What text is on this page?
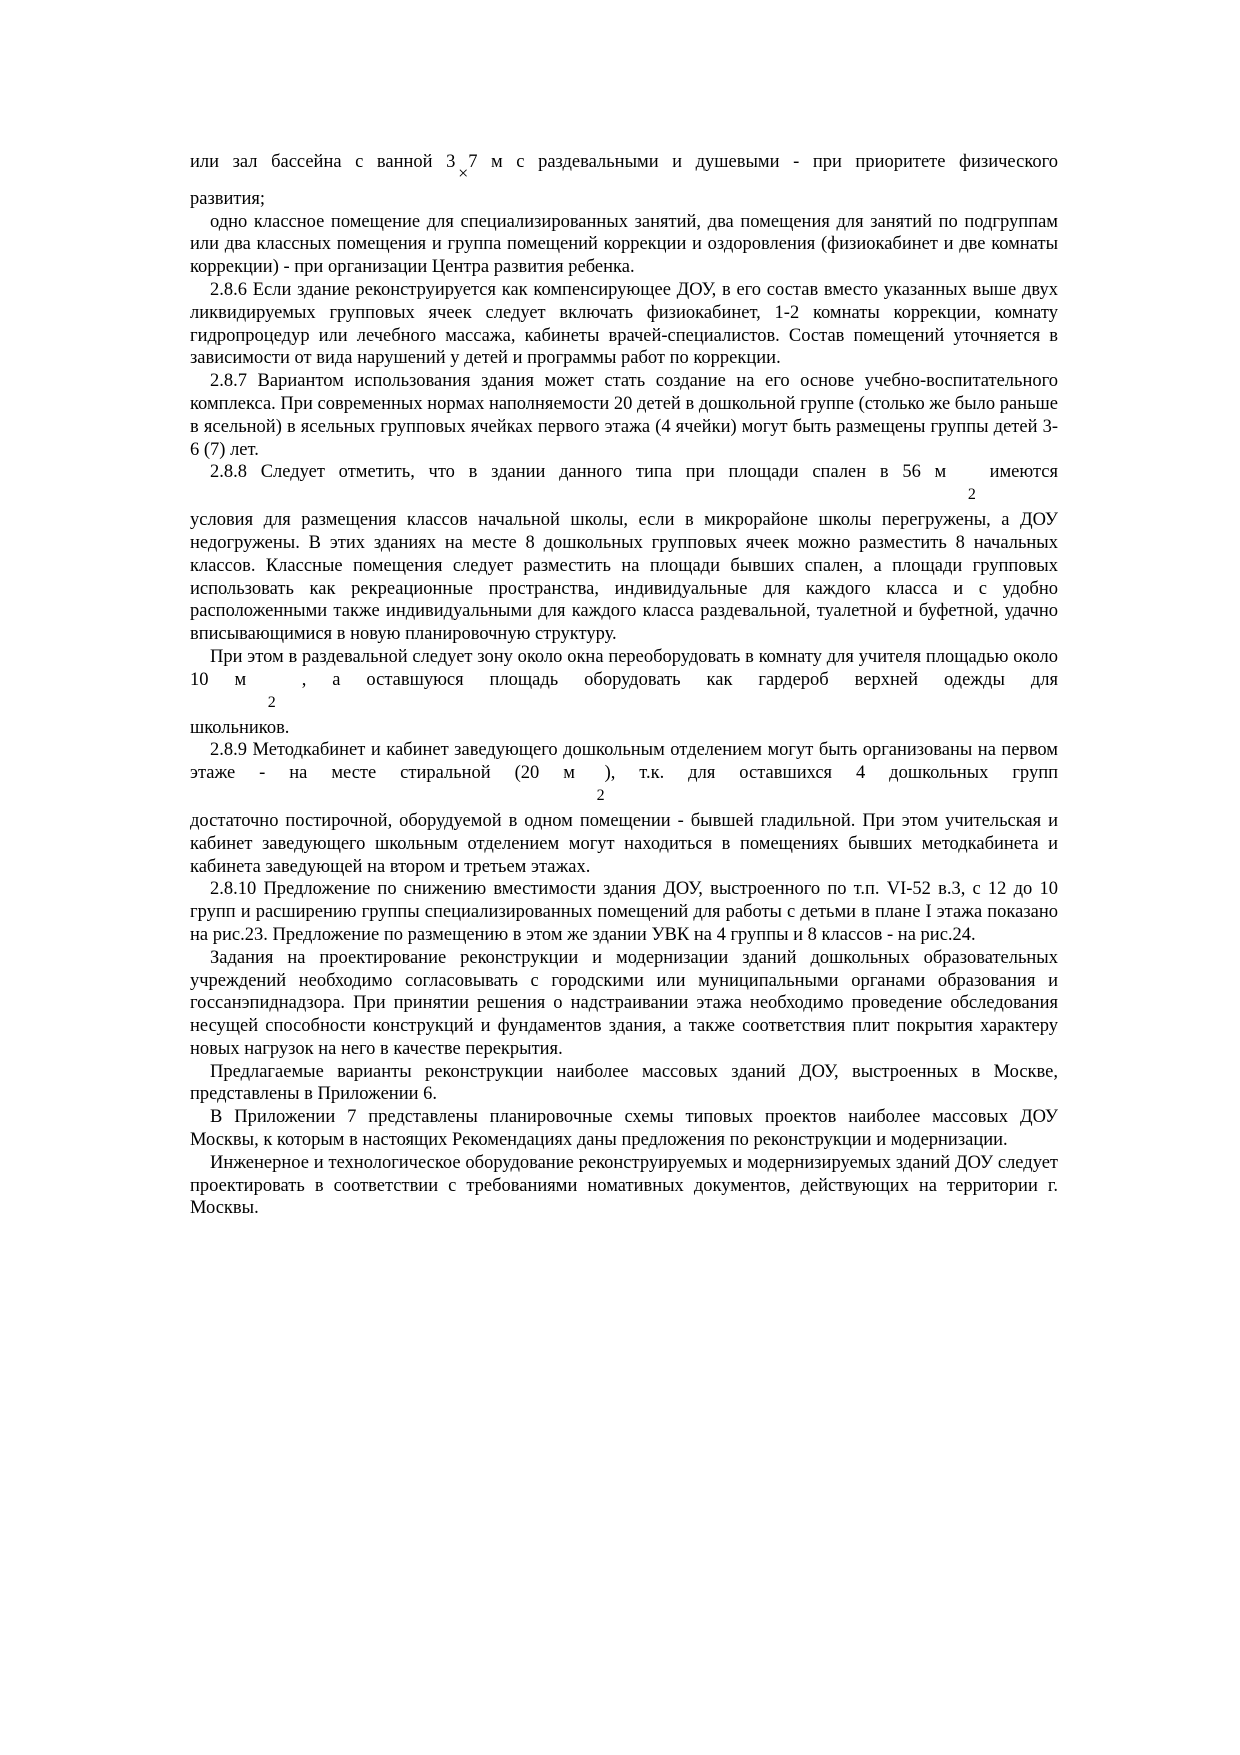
или зал бассейна с ванной 3×7 м с раздевальными и душевыми - при приоритете физического

развития;

одно классное помещение для специализированных занятий, два помещения для занятий по подгруппам или два классных помещения и группа помещений коррекции и оздоровления (физиокабинет и две комнаты коррекции) - при организации Центра развития ребенка.

2.8.6 Если здание реконструируется как компенсирующее ДОУ, в его состав вместо указанных выше двух ликвидируемых групповых ячеек следует включать физиокабинет, 1-2 комнаты коррекции, комнату гидропроцедур или лечебного массажа, кабинеты врачей-специалистов. Состав помещений уточняется в зависимости от вида нарушений у детей и программы работ по коррекции.

2.8.7 Вариантом использования здания может стать создание на его основе учебно-воспитательного комплекса. При современных нормах наполняемости 20 детей в дошкольной группе (столько же было раньше в ясельной) в ясельных групповых ячейках первого этажа (4 ячейки) могут быть размещены группы детей 3-6 (7) лет.

2.8.8 Следует отметить, что в здании данного типа при площади спален в 56 м2 имеются

условия для размещения классов начальной школы, если в микрорайоне школы перегружены, а ДОУ недогружены. В этих зданиях на месте 8 дошкольных групповых ячеек можно разместить 8 начальных классов. Классные помещения следует разместить на площади бывших спален, а площади групповых использовать как рекреационные пространства, индивидуальные для каждого класса и с удобно расположенными также индивидуальными для каждого класса раздевальной, туалетной и буфетной, удачно вписывающимися в новую планировочную структуру.

При этом в раздевальной следует зону около окна переоборудовать в комнату для учителя площадью около 10 м2 , а оставшуюся площадь оборудовать как гардероб верхней одежды для

школьников.

2.8.9 Методкабинет и кабинет заведующего дошкольным отделением могут быть организованы на первом этаже - на месте стиральной (20 м2), т.к. для оставшихся 4 дошкольных групп

достаточно постирочной, оборудуемой в одном помещении - бывшей гладильной. При этом учительская и кабинет заведующего школьным отделением могут находиться в помещениях бывших методкабинета и кабинета заведующей на втором и третьем этажах.

2.8.10 Предложение по снижению вместимости здания ДОУ, выстроенного по т.п. VI-52 в.3, с 12 до 10 групп и расширению группы специализированных помещений для работы с детьми в плане I этажа показано на рис.23. Предложение по размещению в этом же здании УВК на 4 группы и 8 классов - на рис.24.

Задания на проектирование реконструкции и модернизации зданий дошкольных образовательных учреждений необходимо согласовывать с городскими или муниципальными органами образования и госсанэпиднадзора. При принятии решения о надстраивании этажа необходимо проведение обследования несущей способности конструкций и фундаментов здания, а также соответствия плит покрытия характеру новых нагрузок на него в качестве перекрытия.

Предлагаемые варианты реконструкции наиболее массовых зданий ДОУ, выстроенных в Москве, представлены в Приложении 6.

В Приложении 7 представлены планировочные схемы типовых проектов наиболее массовых ДОУ Москвы, к которым в настоящих Рекомендациях даны предложения по реконструкции и модернизации.

Инженерное и технологическое оборудование реконструируемых и модернизируемых зданий ДОУ следует проектировать в соответствии с требованиями номативных документов, действующих на территории г. Москвы.
